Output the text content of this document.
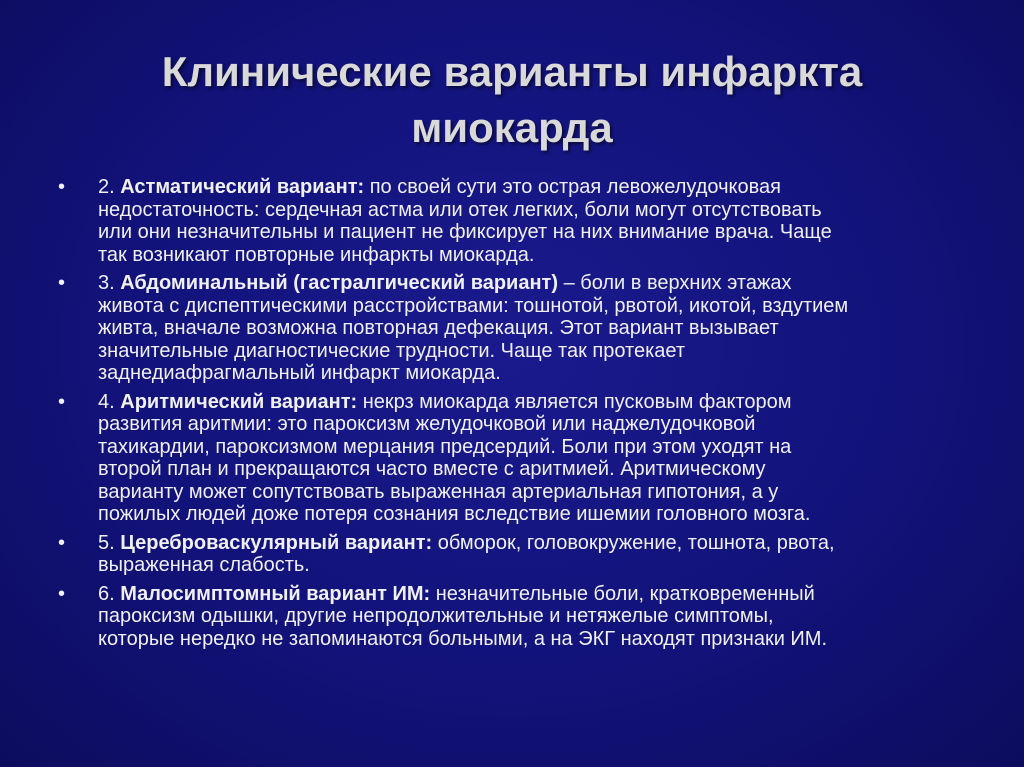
Клинические варианты инфаркта
миокарда
• 2. Астматический вариант: по своей сути это острая левожелудочковая
недостаточность: сердечная астма или отек легких, боли могут отсутствовать
или они незначительны и пациент не фиксирует на них внимание врача. Чаще
так возникают повторные инфаркты миокарда.
• 3. Абдоминальный (гастралгический вариант) – боли в верхних этажах
живота с диспептическими расстройствами: тошнотой, рвотой, икотой, вздутием
живта, вначале возможна повторная дефекация. Этот вариант вызывает
значительные диагностические трудности. Чаще так протекает
заднедиафрагмальный инфаркт миокарда.
• 4. Аритмический вариант: некрз миокарда является пусковым фактором
развития аритмии: это пароксизм желудочковой или наджелудочковой
тахикардии, пароксизмом мерцания предсердий. Боли при этом уходят на
второй план и прекращаются часто вместе с аритмией. Аритмическому
варианту может сопутствовать выраженная артериальная гипотония, а у
пожилых людей доже потеря сознания вследствие ишемии головного мозга.
• 5. Цереброваскулярный вариант: обморок, головокружение, тошнота, рвота,
выраженная слабость.
• 6. Малосимптомный вариант ИМ: незначительные боли, кратковременный
пароксизм одышки, другие непродолжительные и нетяжелые симптомы,
которые нередко не запоминаются больными, а на ЭКГ находят признаки ИМ.
